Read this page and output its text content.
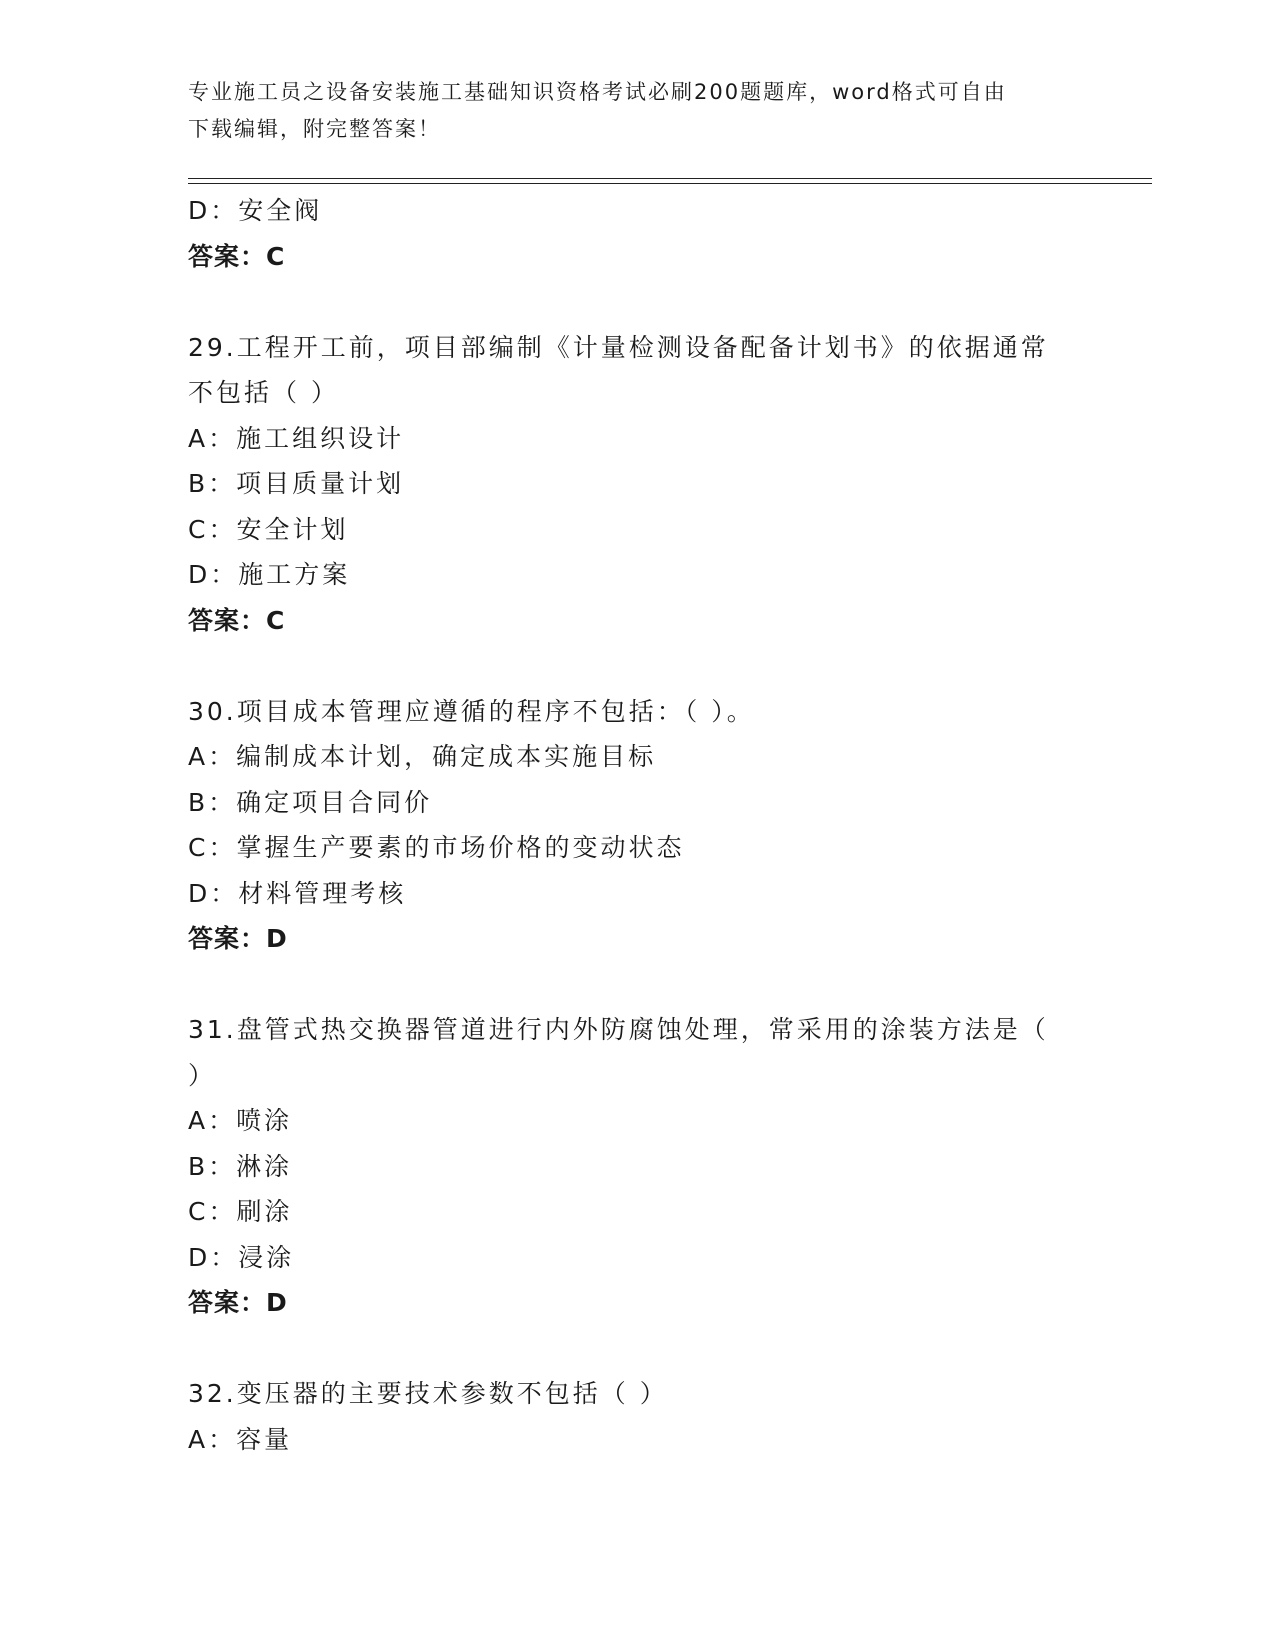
专业施工员之设备安装施工基础知识资格考试必刷200题题库，word格式可自由
下载编辑，附完整答案！
D：安全阀
答案：C
29.工程开工前，项目部编制《计量检测设备配备计划书》的依据通常
不包括（ ）
A：施工组织设计
B：项目质量计划
C：安全计划
D：施工方案
答案：C
30.项目成本管理应遵循的程序不包括：（ ）。
A：编制成本计划，确定成本实施目标
B：确定项目合同价
C：掌握生产要素的市场价格的变动状态
D：材料管理考核
答案：D
31.盘管式热交换器管道进行内外防腐蚀处理，常采用的涂装方法是（
）
A：喷涂
B：淋涂
C：刷涂
D：浸涂
答案：D
32.变压器的主要技术参数不包括（ ）
A：容量
